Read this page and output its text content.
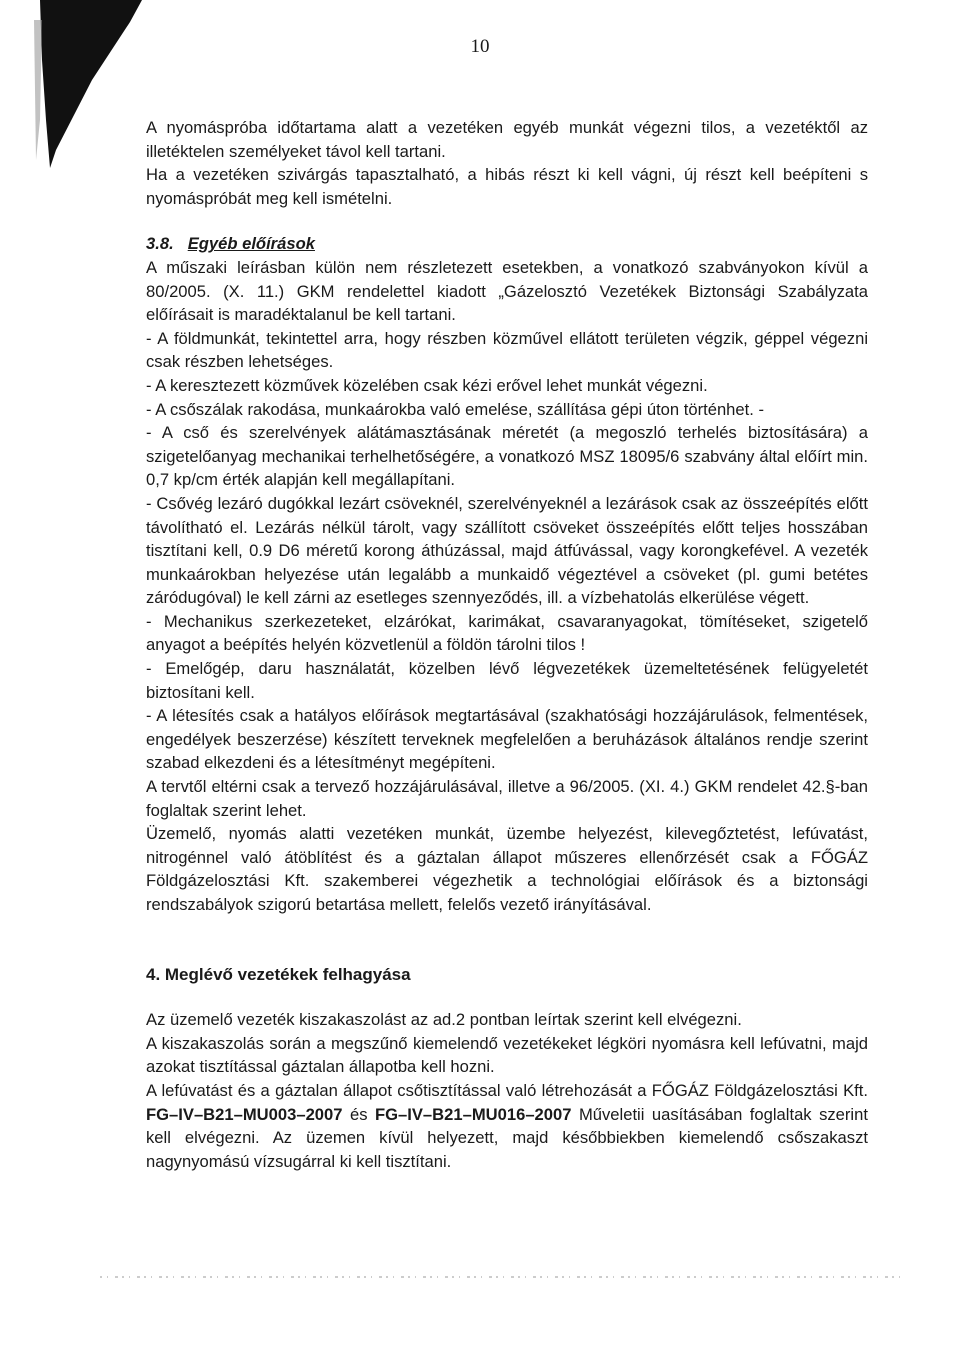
10

A nyomáspróba időtartama alatt a vezetéken egyéb munkát végezni tilos, a vezetéktől az illetéktelen személyeket távol kell tartani.

Ha a vezetéken szivárgás tapasztalható, a hibás részt ki kell vágni, új részt kell beépíteni s nyomáspróbát meg kell ismételni.

3.8. Egyéb előírások

A műszaki leírásban külön nem részletezett esetekben, a vonatkozó szabványokon kívül a 80/2005. (X. 11.) GKM rendelettel kiadott „Gázelosztó Vezetékek Biztonsági Szabályzata előírásait is maradéktalanul be kell tartani.

- A földmunkát, tekintettel arra, hogy részben közművel ellátott területen végzik, géppel végezni csak részben lehetséges.

- A keresztezett közművek közelében csak kézi erővel lehet munkát végezni.

- A csőszálak rakodása, munkaárokba való emelése, szállítása gépi úton történhet. -

- A cső és szerelvények alátámasztásának méretét (a megoszló terhelés biztosítására) a szigetelőanyag mechanikai terhelhetőségére, a vonatkozó MSZ 18095/6 szabvány által előírt min. 0,7 kp/cm érték alapján kell megállapítani.

- Csővég lezáró dugókkal lezárt csöveknél, szerelvényeknél a lezárások csak az összeépítés előtt távolítható el. Lezárás nélkül tárolt, vagy szállított csöveket összeépítés előtt teljes hosszában tisztítani kell, 0.9 D6 méretű korong áthúzással, majd átfúvással, vagy korongkefével. A vezeték munkaárokban helyezése után legalább a munkaidő végeztével a csöveket (pl. gumi betétes záródugóval) le kell zárni az esetleges szennyeződés, ill. a vízbehatolás elkerülése végett.

- Mechanikus szerkezeteket, elzárókat, karimákat, csavaranyagokat, tömítéseket, szigetelő anyagot a beépítés helyén közvetlenül a földön tárolni tilos !

- Emelőgép, daru használatát, közelben lévő légvezetékek üzemeltetésének felügyeletét biztosítani kell.

- A létesítés csak a hatályos előírások megtartásával (szakhatósági hozzájárulások, felmentések, engedélyek beszerzése) készített terveknek megfelelően a beruházások általános rendje szerint szabad elkezdeni és a létesítményt megépíteni.

A tervtől eltérni csak a tervező hozzájárulásával, illetve a 96/2005. (XI. 4.) GKM rendelet 42.§-ban foglaltak szerint lehet.

Üzemelő, nyomás alatti vezetéken munkát, üzembe helyezést, kilevegőztetést, lefúvatást, nitrogénnel való átöblítést és a gáztalan állapot műszeres ellenőrzését csak a FŐGÁZ Földgázelosztási Kft. szakemberei végezhetik a technológiai előírások és a biztonsági rendszabályok szigorú betartása mellett, felelős vezető irányításával.

4. Meglévő vezetékek felhagyása

Az üzemelő vezeték kiszakaszolást az ad.2 pontban leírtak szerint kell elvégezni.

A kiszakaszolás során a megszűnő kiemelendő vezetékeket légköri nyomásra kell lefúvatni, majd azokat tisztítással gáztalan állapotba kell hozni.

A lefúvatást és a gáztalan állapot csőtisztítással való létrehozását a FŐGÁZ Földgázelosztási Kft. FG–IV–B21–MU003–2007 és FG–IV–B21–MU016–2007 Műveletii uasításában foglaltak szerint kell elvégezni. Az üzemen kívül helyezett, majd későbbiekben kiemelendő csőszakaszt nagynyomású vízsugárral ki kell tisztítani.
